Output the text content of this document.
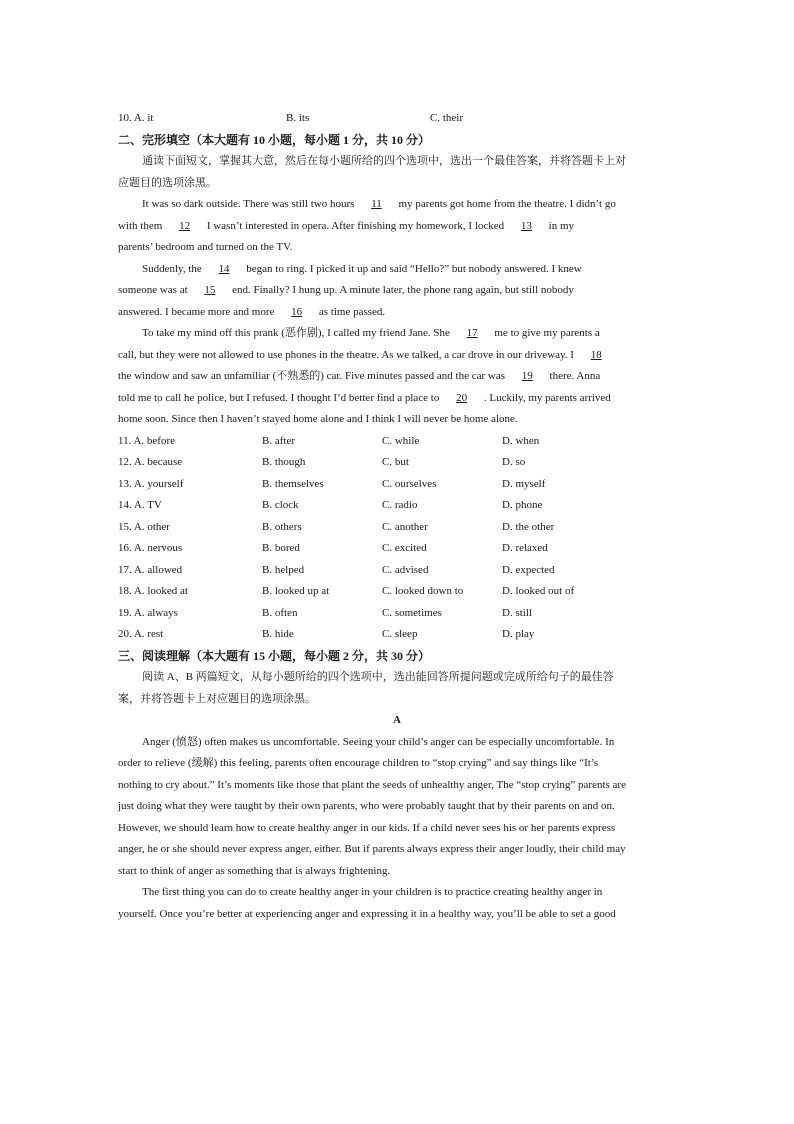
10. A. it	B. its	C. their
二、完形填空（本大题有 10 小题，每小题 1 分，共 10 分）
通读下面短文，掌握其大意，然后在每小题所给的四个选项中，选出一个最佳答案，并将答题卡上对
应题目的选项涂黑。
It was so dark outside. There was still two hours 11 my parents got home from the theatre. I didn’t go
with them 12 I wasn’t interested in opera. After finishing my homework, I locked 13 in my
parents’ bedroom and turned on the TV.
Suddenly, the 14 began to ring. I picked it up and said “Hello?” but nobody answered. I knew
someone was at 15 end. Finally? I hung up. A minute later, the phone rang again, but still nobody
answered. I became more and more 16 as time passed.
To take my mind off this prank (恶作剧), I called my friend Jane. She 17 me to give my parents a
call, but they were not allowed to use phones in the theatre. As we talked, a car drove in our driveway. I 18
the window and saw an unfamiliar (不熟悉的) car. Five minutes passed and the car was 19 there. Anna
told me to call he police, but I refused. I thought I’d better find a place to 20 . Luckily, my parents arrived
home soon. Since then I haven’t stayed home alone and I think I will never be home alone.
11. A. before	B. after	C. while	D. when
12. A. because	B. though	C. but	D. so
13. A. yourself	B. themselves	C. ourselves	D. myself
14. A. TV	B. clock	C. radio	D. phone
15. A. other	B. others	C. another	D. the other
16. A. nervous	B. bored	C. excited	D. relaxed
17. A. allowed	B. helped	C. advised	D. expected
18. A. looked at	B. looked up at	C. looked down to	D. looked out of
19. A. always	B. often	C. sometimes	D. still
20. A. rest	B. hide	C. sleep	D. play
三、阅读理解（本大题有 15 小题，每小题 2 分，共 30 分）
阅读 A、B 两篇短文，从每小题所给的四个选项中，选出能回答所提问题或完成所给句子的最佳答
案，并将答题卡上对应题目的选项涂黑。
A
Anger (愤怒) often makes us uncomfortable. Seeing your child’s anger can be especially uncomfortable. In
order to relieve (缓解) this feeling, parents often encourage children to “stop crying” and say things like “It’s
nothing to cry about.” It’s moments like those that plant the seeds of unhealthy anger, The “stop crying” parents are
just doing what they were taught by their own parents, who were probably taught that by their parents on and on.
However, we should learn how to create healthy anger in our kids. If a child never sees his or her parents express
anger, he or she should never express anger, either. But if parents always express their anger loudly, their child may
start to think of anger as something that is always frightening.
The first thing you can do to create healthy anger in your children is to practice creating healthy anger in
yourself. Once you’re better at experiencing anger and expressing it in a healthy way, you’ll be able to set a good
